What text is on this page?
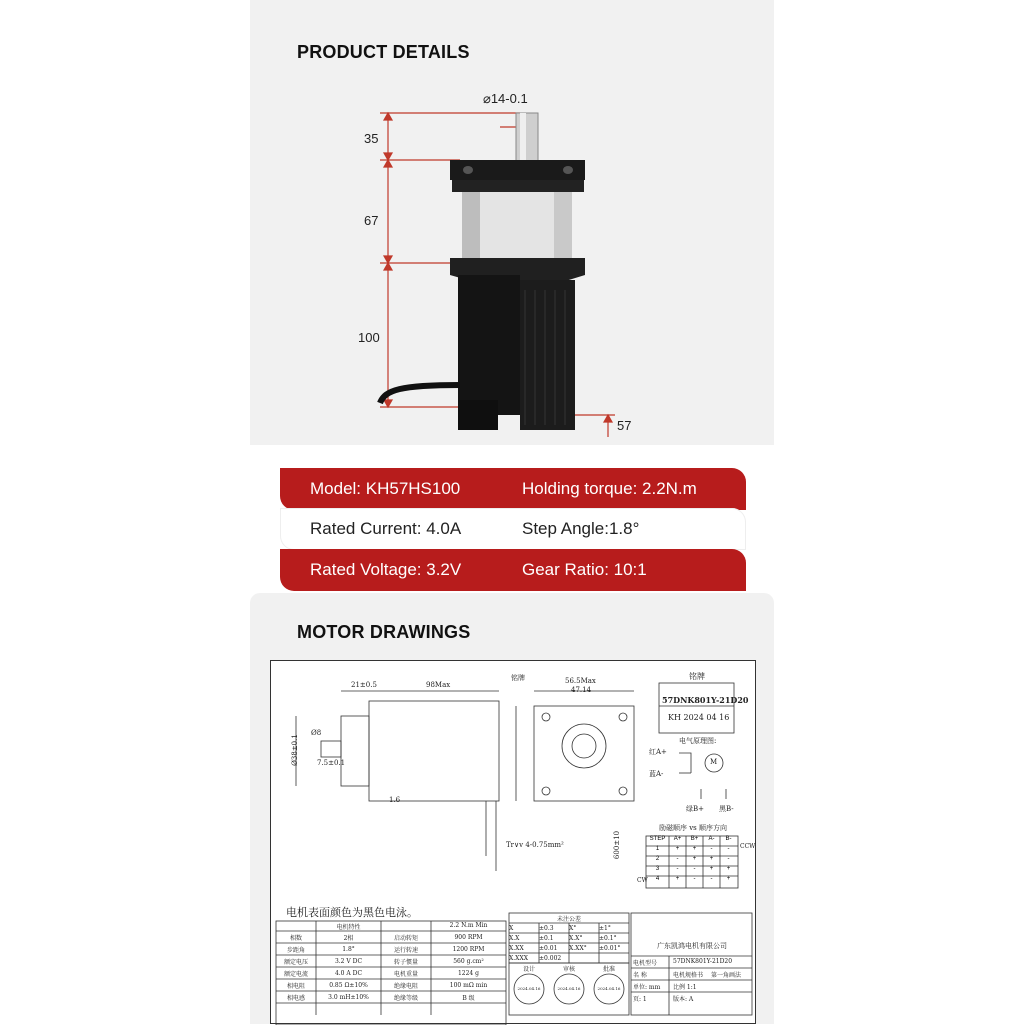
PRODUCT DETAILS
⌀14-0.1
35
67
100
57
Model: KH57HS100	Holding torque: 2.2N.m
Rated Current: 4.0A	Step Angle:1.8°
Rated Voltage: 3.2V	Gear Ratio: 10:1
MOTOR DRAWINGS
21±0.5	98Max
铭牌	56.5Max
47.14
1.6
600±10
Ø38±0.1
Ø8
7.5±0.1
Tr∨v 4-0.75mm²
铭牌
57DNK801Y-21D20
KH 2024 04 16
电气原理图:
红A+
蓝A-
M
绿B+ 黑B-
励磁顺序 vs 顺序方向
CCW
CW
STEP	A+	B+	A-	B-
1	+	+	-	-
2	-	+	+	-
3	-	-	+	+
4	+	-	-	+
电机表面颜色为黑色电泳。
电机特性	2.2 N.m Min
相数	2相	启动转矩	900 RPM
步距角	1.8°	运行转速	1200 RPM
额定电压	3.2 V DC	转子惯量	560 g.cm²
额定电流	4.0 A DC	电机重量	1224 g
相电阻	0.85 Ω±10%	绝缘电阻	100 mΩ min
相电感	3.0 mH±10%	绝缘等级	B 级
未注公差
X	±0.3	X°	±1°
X.X	±0.1	X.X°	±0.1°
X.XX	±0.01	X.XX°	±0.01°
X.XXX	±0.002
设计	审核	批准
2024.04.16	2024.04.16	2024.04.16
广东凯鸿电机有限公司
电机型号	57DNK801Y-21D20
名 称	电机规格书 第一角画法
单位: mm 比例 1:1
页: 1	版本: A
